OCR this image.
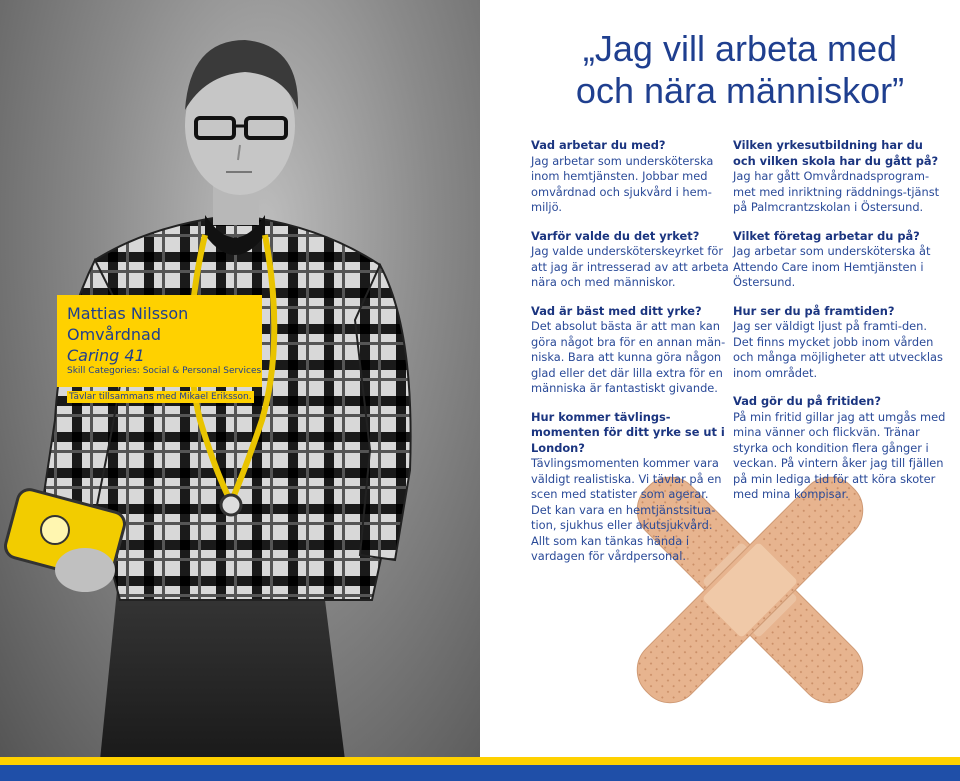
Mattias Nilsson
Omvårdnad
Caring 41
Skill Categories: Social & Personal Services
Tävlar tillsammans med Mikael Eriksson.
„Jag vill arbeta med
och nära människor”
Vad arbetar du med?
Jag arbetar som undersköterska inom hemtjänsten. Jobbar med omvårdnad och sjukvård i hem-miljö.
Varför valde du det yrket?
Jag valde undersköterskeyrket för att jag är intresserad av att arbeta nära och med människor.
Vad är bäst med ditt yrke?
Det absolut bästa är att man kan göra något bra för en annan män-niska. Bara att kunna göra någon glad eller det där lilla extra för en människa är fantastiskt givande.
Hur kommer tävlings-momenten för ditt yrke se ut i London?
Tävlingsmomenten kommer vara väldigt realistiska. Vi tävlar på en scen med statister som agerar. Det kan vara en hemtjänstsitua-tion, sjukhus eller akutsjukvård. Allt som kan tänkas hända i vardagen för vårdpersonal.
Vilken yrkesutbildning har du och vilken skola har du gått på?
Jag har gått Omvårdnadsprogram-met med inriktning räddnings-tjänst på Palmcrantzskolan i Östersund.
Vilket företag arbetar du på?
Jag arbetar som undersköterska åt Attendo Care inom Hemtjänsten i Östersund.
Hur ser du på framtiden?
Jag ser väldigt ljust på framti-den. Det finns mycket jobb inom vården och många möjligheter att utvecklas inom området.
Vad gör du på fritiden?
På min fritid gillar jag att umgås med mina vänner och flickvän. Tränar styrka och kondition flera gånger i veckan. På vintern åker jag till fjällen på min lediga tid för att köra skoter med mina kompisar.
